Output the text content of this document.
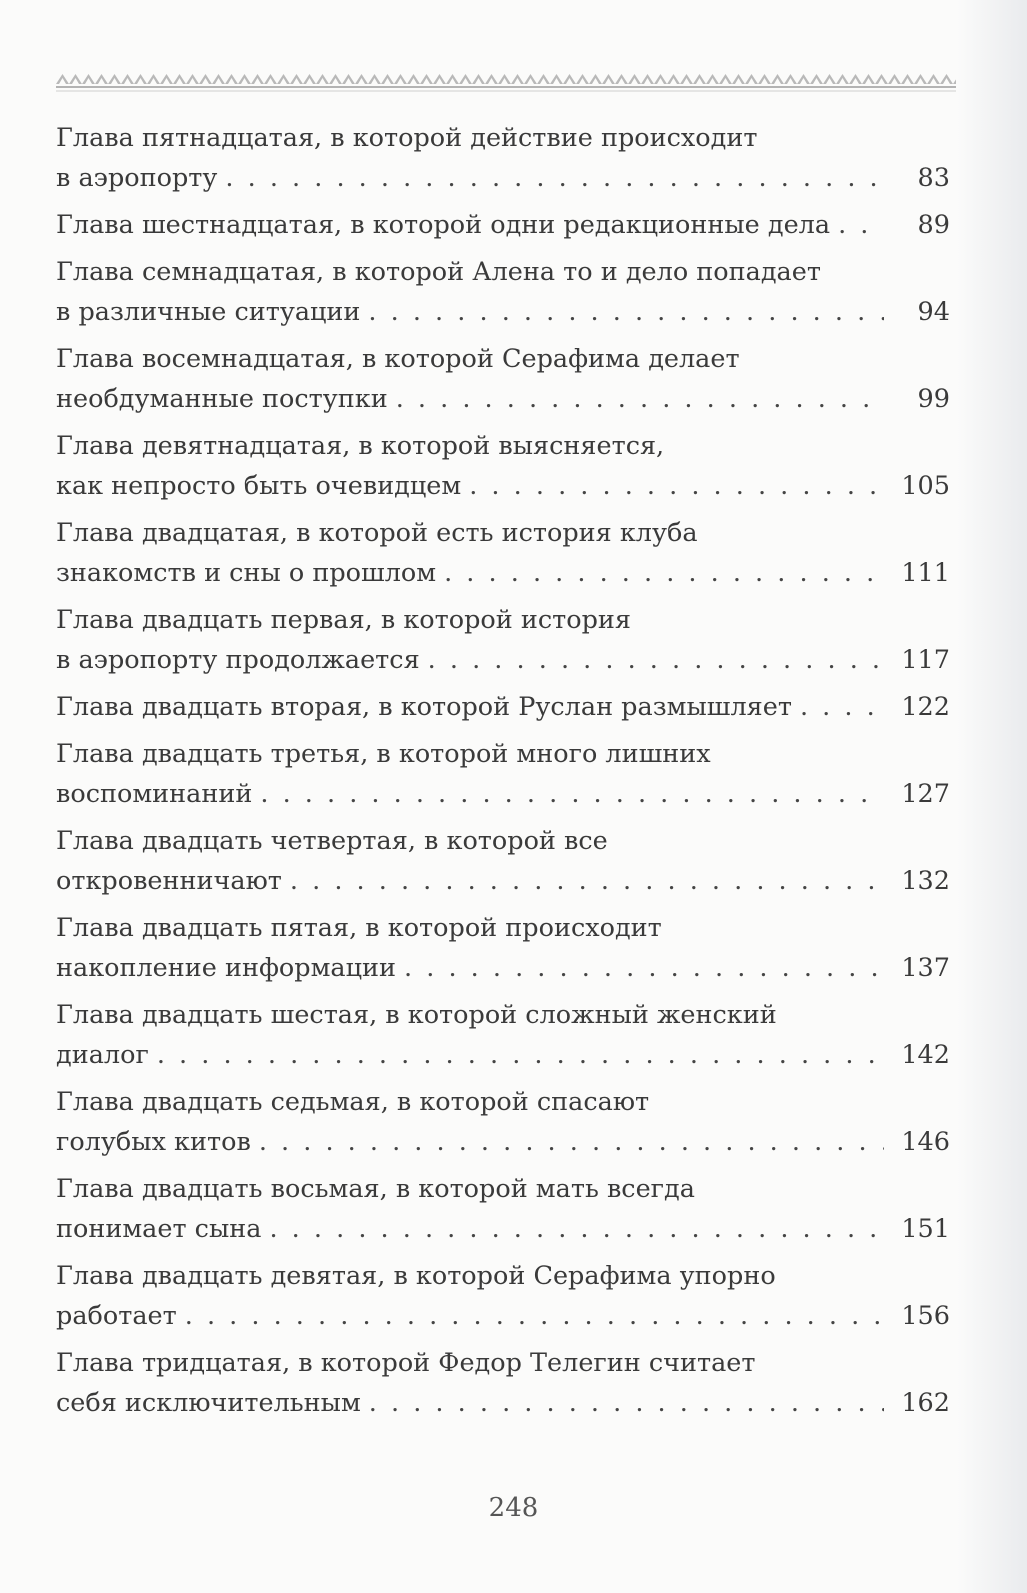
Глава пятнадцатая, в которой действие происходит
в аэропорту . . .	83
Глава шестнадцатая, в которой одни редакционные дела . . .	89
Глава семнадцатая, в которой Алена то и дело попадает
в различные ситуации . . .	94
Глава восемнадцатая, в которой Серафима делает
необдуманные поступки . . .	99
Глава девятнадцатая, в которой выясняется,
как непросто быть очевидцем . . .	105
Глава двадцатая, в которой есть история клуба
знакомств и сны о прошлом . . .	111
Глава двадцать первая, в которой история
в аэропорту продолжается . . .	117
Глава двадцать вторая, в которой Руслан размышляет . . .	122
Глава двадцать третья, в которой много лишних
воспоминаний . . .	127
Глава двадцать четвертая, в которой все
откровенничают . . .	132
Глава двадцать пятая, в которой происходит
накопление информации . . .	137
Глава двадцать шестая, в которой сложный женский
диалог . . .	142
Глава двадцать седьмая, в которой спасают
голубых китов . . .	146
Глава двадцать восьмая, в которой мать всегда
понимает сына . . .	151
Глава двадцать девятая, в которой Серафима упорно
работает . . .	156
Глава тридцатая, в которой Федор Телегин считает
себя исключительным . . .	162
248
